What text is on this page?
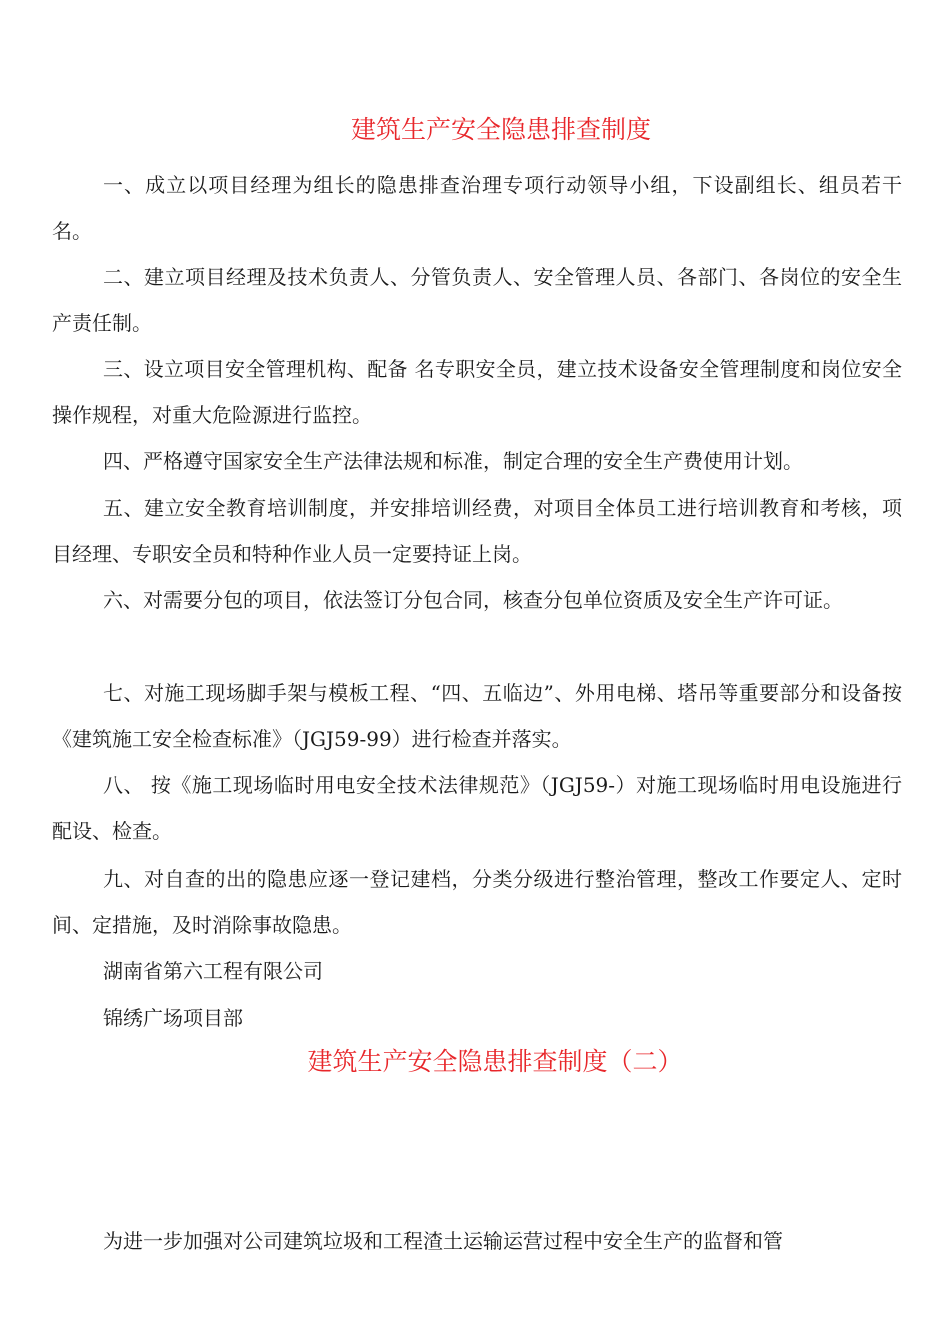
建筑生产安全隐患排查制度

一、成立以项目经理为组长的隐患排查治理专项行动领导小组，下设副组长、组员若干名。

二、建立项目经理及技术负责人、分管负责人、安全管理人员、各部门、各岗位的安全生产责任制。

三、设立项目安全管理机构、配备 名专职安全员，建立技术设备安全管理制度和岗位安全操作规程，对重大危险源进行监控。

四、严格遵守国家安全生产法律法规和标准，制定合理的安全生产费使用计划。

五、建立安全教育培训制度，并安排培训经费，对项目全体员工进行培训教育和考核，项目经理、专职安全员和特种作业人员一定要持证上岗。

六、对需要分包的项目，依法签订分包合同，核查分包单位资质及安全生产许可证。

七、对施工现场脚手架与模板工程、“四、五临边”、外用电梯、塔吊等重要部分和设备按《建筑施工安全检查标准》（JGJ59-99）进行检查并落实。

八、 按《施工现场临时用电安全技术法律规范》（JGJ59-）对施工现场临时用电设施进行配设、检查。

九、对自查的出的隐患应逐一登记建档，分类分级进行整治管理，整改工作要定人、定时间、定措施，及时消除事故隐患。

湖南省第六工程有限公司

锦绣广场项目部

建筑生产安全隐患排查制度（二）

为进一步加强对公司建筑垃圾和工程渣土运输运营过程中安全生产的监督和管
